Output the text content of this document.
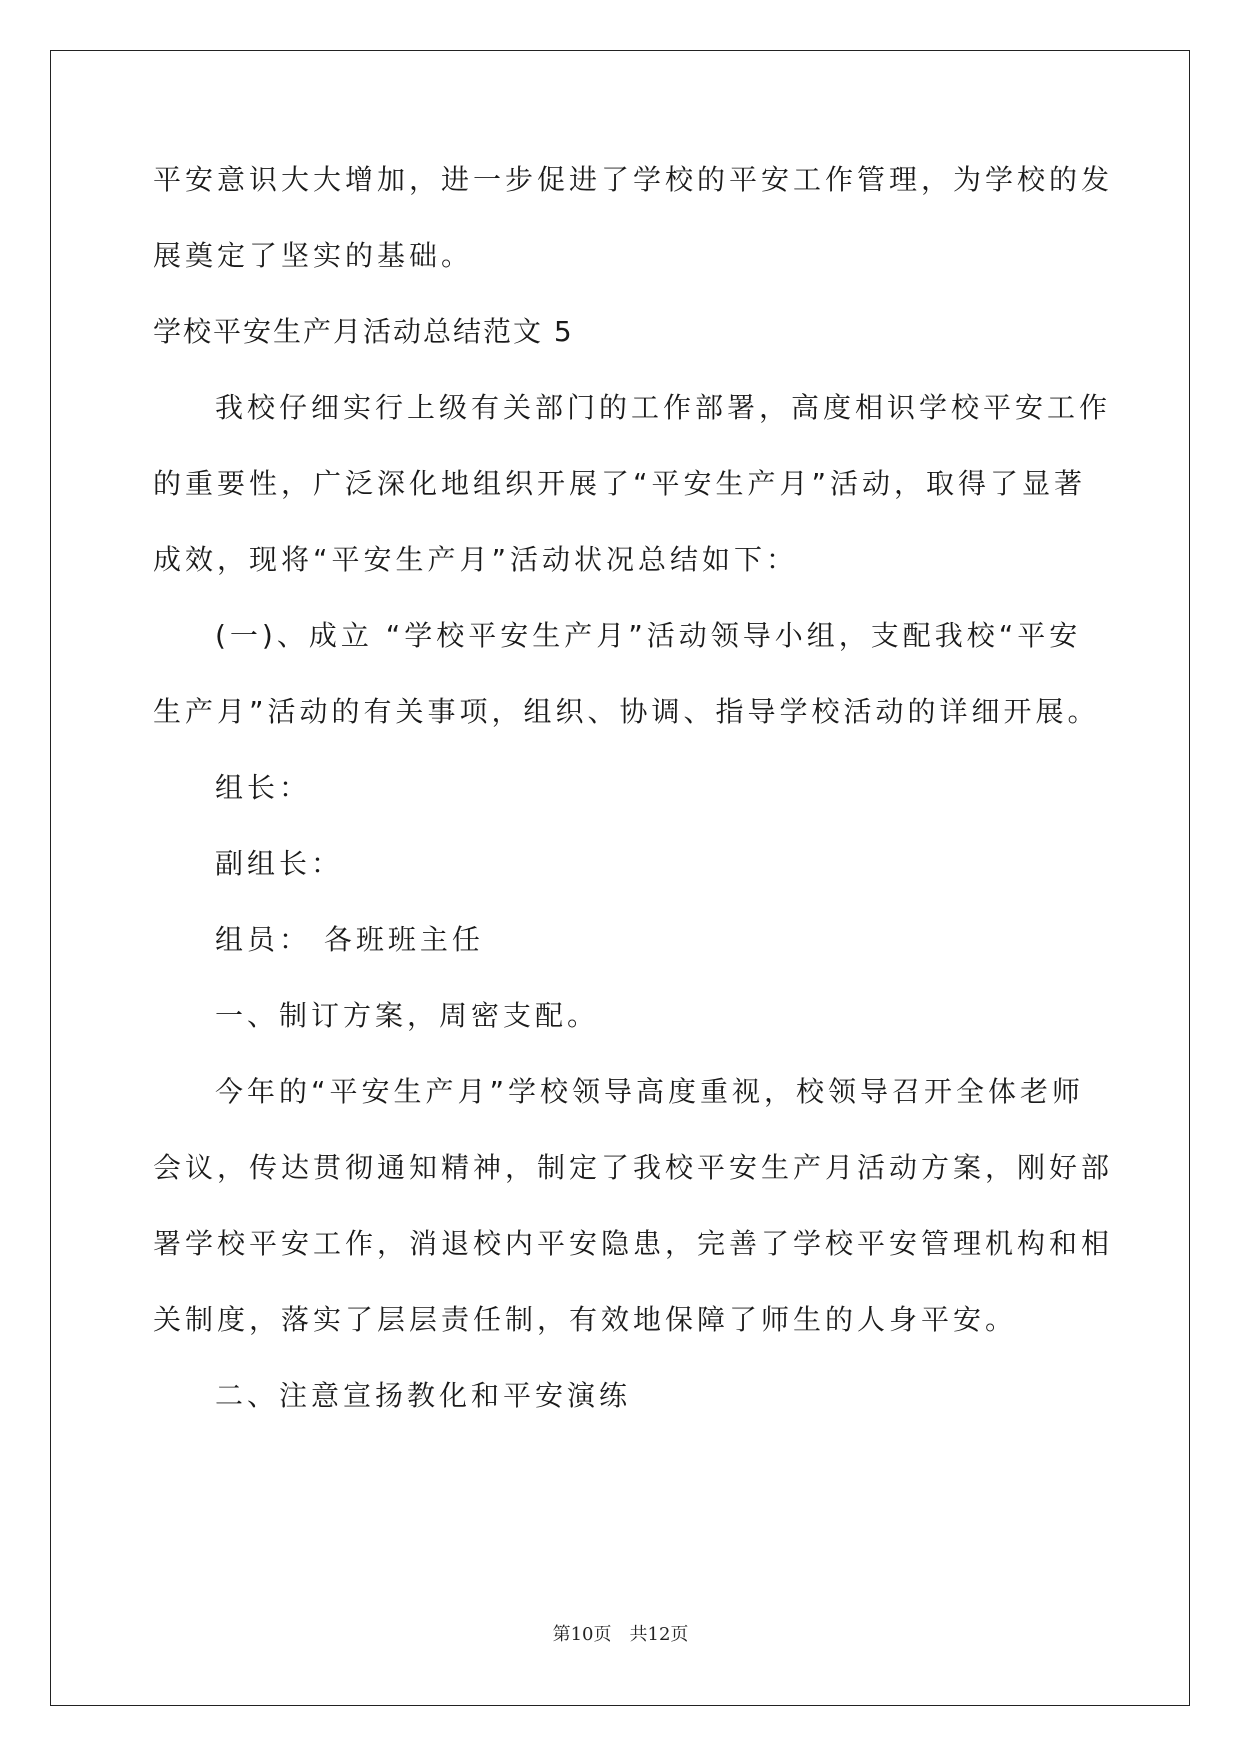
平安意识大大增加，进一步促进了学校的平安工作管理，为学校的发
展奠定了坚实的基础。
学校平安生产月活动总结范文 5
我校仔细实行上级有关部门的工作部署，高度相识学校平安工作
的重要性，广泛深化地组织开展了“平安生产月”活动，取得了显著
成效，现将“平安生产月”活动状况总结如下：
(一)、成立 “学校平安生产月”活动领导小组，支配我校“平安
生产月”活动的有关事项，组织、协调、指导学校活动的详细开展。
组长：
副组长：
组员： 各班班主任
一、制订方案，周密支配。
今年的“平安生产月”学校领导高度重视，校领导召开全体老师
会议，传达贯彻通知精神，制定了我校平安生产月活动方案，刚好部
署学校平安工作，消退校内平安隐患，完善了学校平安管理机构和相
关制度，落实了层层责任制，有效地保障了师生的人身平安。
二、注意宣扬教化和平安演练
第10页 共12页
